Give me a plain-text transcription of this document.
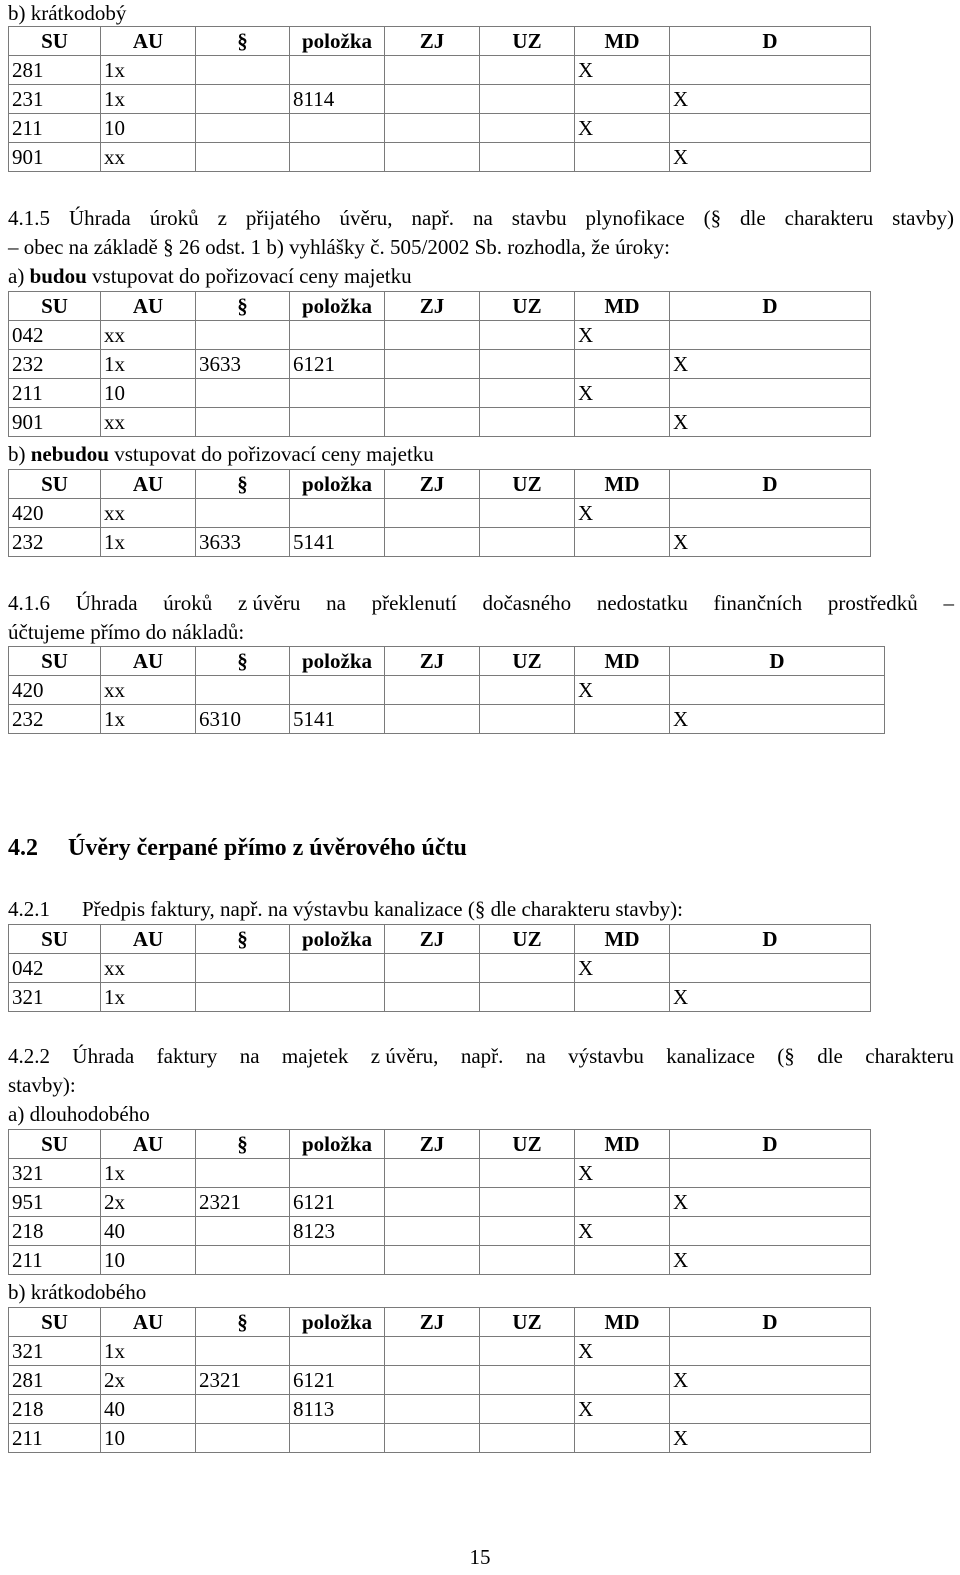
b) krátkodobý
SU	AU	§	položka	ZJ	UZ	MD	D
281	1x					X	
231	1x		8114				X
211	10					X	
901	xx						X
4.1.5 Úhrada úroků z přijatého úvěru, např. na stavbu plynofikace (§ dle charakteru stavby)
– obec na základě § 26 odst. 1 b) vyhlášky č. 505/2002 Sb. rozhodla, že úroky:
a) budou vstupovat do pořizovací ceny majetku
SU	AU	§	položka	ZJ	UZ	MD	D
042	xx					X	
232	1x	3633	6121				X
211	10					X	
901	xx						X
b) nebudou vstupovat do pořizovací ceny majetku
SU	AU	§	položka	ZJ	UZ	MD	D
420	xx					X	
232	1x	3633	5141				X
4.1.6 Úhrada úroků z úvěru na překlenutí dočasného nedostatku finančních prostředků –
účtujeme přímo do nákladů:
SU	AU	§	položka	ZJ	UZ	MD	D
420	xx					X	
232	1x	6310	5141				X
4.2     Úvěry čerpané přímo z úvěrového účtu
4.2.1 Předpis faktury, např. na výstavbu kanalizace (§ dle charakteru stavby):
SU	AU	§	položka	ZJ	UZ	MD	D
042	xx					X	
321	1x						X
4.2.2 Úhrada faktury na majetek z úvěru, např. na výstavbu kanalizace (§ dle charakteru
stavby):
a) dlouhodobého
SU	AU	§	položka	ZJ	UZ	MD	D
321	1x					X	
951	2x	2321	6121				X
218	40		8123			X	
211	10						X
b) krátkodobého
SU	AU	§	položka	ZJ	UZ	MD	D
321	1x					X	
281	2x	2321	6121				X
218	40		8113			X	
211	10						X
15
